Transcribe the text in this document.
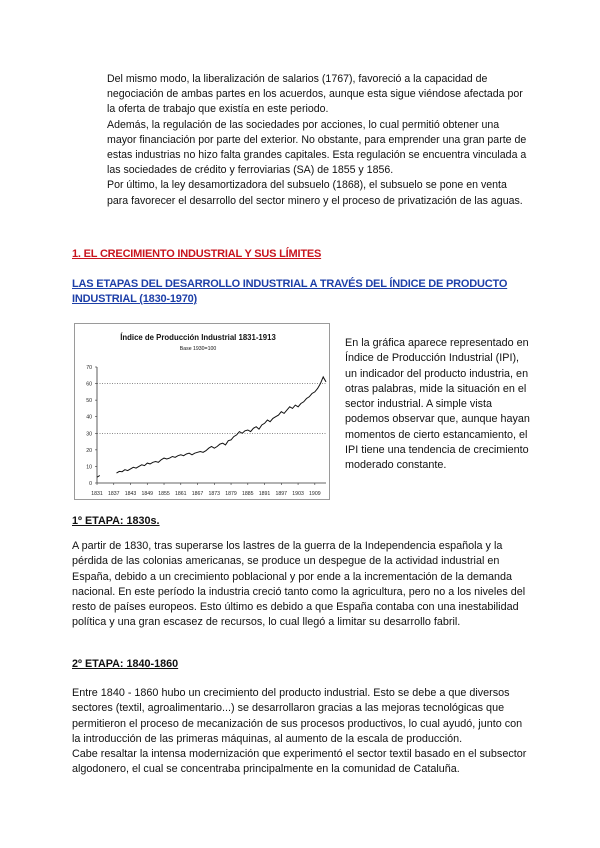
Del mismo modo, la liberalización de salarios (1767), favoreció a la capacidad de negociación de ambas partes en los acuerdos, aunque esta sigue viéndose afectada por la oferta de trabajo que existía en este periodo.
Además, la regulación de las sociedades por acciones, lo cual permitió obtener una mayor financiación por parte del exterior. No obstante, para emprender una gran parte de estas industrias no hizo falta grandes capitales. Esta regulación se encuentra vinculada a las sociedades de crédito y ferroviarias (SA) de 1855 y 1856.
Por último, la ley desamortizadora del subsuelo (1868), el subsuelo se pone en venta para favorecer el desarrollo del sector minero y el proceso de privatización de las aguas.

1. EL CRECIMIENTO INDUSTRIAL Y SUS LÍMITES
LAS ETAPAS DEL DESARROLLO INDUSTRIAL A TRAVÉS DEL ÍNDICE DE PRODUCTO INDUSTRIAL (1830-1970)
Índice de Producción Industrial 1831-1913
Base 1930=100
0
10
20
30
40
50
60
70
1831 1837 1843 1849 1855 1861 1867 1873 1879 1885 1891 1897 1903 1909

En la gráfica aparece representado en Índice de Producción Industrial (IPI), un indicador del producto industria, en otras palabras, mide la situación en el sector industrial. A simple vista podemos observar que, aunque hayan momentos de cierto estancamiento, el IPI tiene una tendencia de crecimiento moderado constante.

1º ETAPA: 1830s.

A partir de 1830, tras superarse los lastres de la guerra de la Independencia española y la pérdida de las colonias americanas, se produce un despegue de la actividad industrial en España, debido a un crecimiento poblacional y por ende a la incrementación de la demanda nacional. En este período la industria creció tanto como la agricultura, pero no a los niveles del resto de países europeos. Esto último es debido a que España contaba con una inestabilidad política y una gran escasez de recursos, lo cual llegó a limitar su desarrollo fabril.

2º ETAPA: 1840-1860

Entre 1840 - 1860 hubo un crecimiento del producto industrial. Esto se debe a que diversos sectores (textil, agroalimentario...) se desarrollaron gracias a las mejoras tecnológicas que permitieron el proceso de mecanización de sus procesos productivos, lo cual ayudó, junto con la introducción de las primeras máquinas, al aumento de la escala de producción.
Cabe resaltar la intensa modernización que experimentó el sector textil basado en el subsector algodonero, el cual se concentraba principalmente en la comunidad de Cataluña.
